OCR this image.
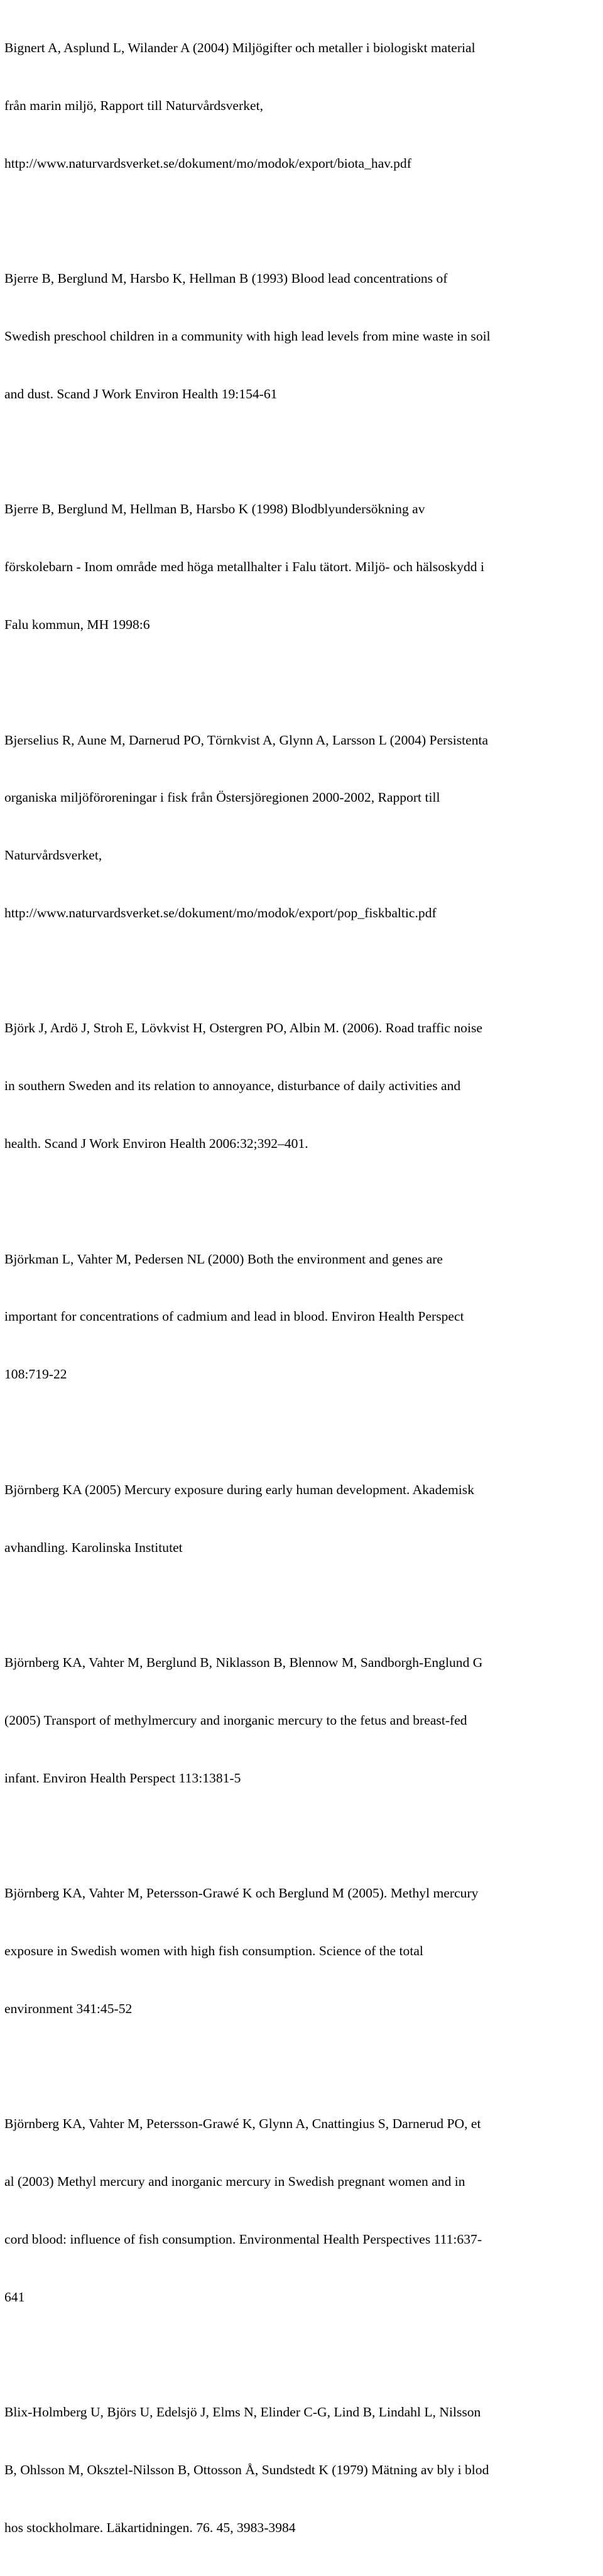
Bignert A, Asplund L, Wilander A (2004) Miljögifter och metaller i biologiskt material

från marin miljö, Rapport till Naturvårdsverket,

http://www.naturvardsverket.se/dokument/mo/modok/export/biota_hav.pdf

Bjerre B, Berglund M, Harsbo K, Hellman B (1993) Blood lead concentrations of

Swedish preschool children in a community with high lead levels from mine waste in soil

and dust. Scand J Work Environ Health 19:154-61

Bjerre B, Berglund M, Hellman B, Harsbo K (1998) Blodblyundersökning av

förskolebarn - Inom område med höga metallhalter i Falu tätort. Miljö- och hälsoskydd i

Falu kommun, MH 1998:6

Bjerselius R, Aune M, Darnerud PO, Törnkvist A, Glynn A, Larsson L (2004) Persistenta

organiska miljöföroreningar i fisk från Östersjöregionen 2000-2002, Rapport till

Naturvårdsverket,

http://www.naturvardsverket.se/dokument/mo/modok/export/pop_fiskbaltic.pdf

Björk J, Ardö J, Stroh E, Lövkvist H, Ostergren PO, Albin M. (2006). Road traffic noise

in southern Sweden and its relation to annoyance, disturbance of daily activities and

health. Scand J Work Environ Health 2006:32;392–401.

Björkman L, Vahter M, Pedersen NL (2000) Both the environment and genes are

important for concentrations of cadmium and lead in blood. Environ Health Perspect

108:719-22

Björnberg KA (2005) Mercury exposure during early human development. Akademisk

avhandling. Karolinska Institutet

Björnberg KA, Vahter M, Berglund B, Niklasson B, Blennow M, Sandborgh-Englund G

(2005) Transport of methylmercury and inorganic mercury to the fetus and breast-fed

infant. Environ Health Perspect 113:1381-5

Björnberg KA, Vahter M, Petersson-Grawé K och Berglund M (2005). Methyl mercury

exposure in Swedish women with high fish consumption. Science of the total

environment 341:45-52

Björnberg KA, Vahter M, Petersson-Grawé K, Glynn A, Cnattingius S, Darnerud PO, et

al (2003) Methyl mercury and inorganic mercury in Swedish pregnant women and in

cord blood: influence of fish consumption. Environmental Health Perspectives 111:637-

641

Blix-Holmberg U, Björs U, Edelsjö J, Elms N, Elinder C-G, Lind B, Lindahl L, Nilsson

B, Ohlsson M, Oksztel-Nilsson B, Ottosson Å, Sundstedt K (1979) Mätning av bly i blod

hos stockholmare. Läkartidningen. 76. 45, 3983-3984
